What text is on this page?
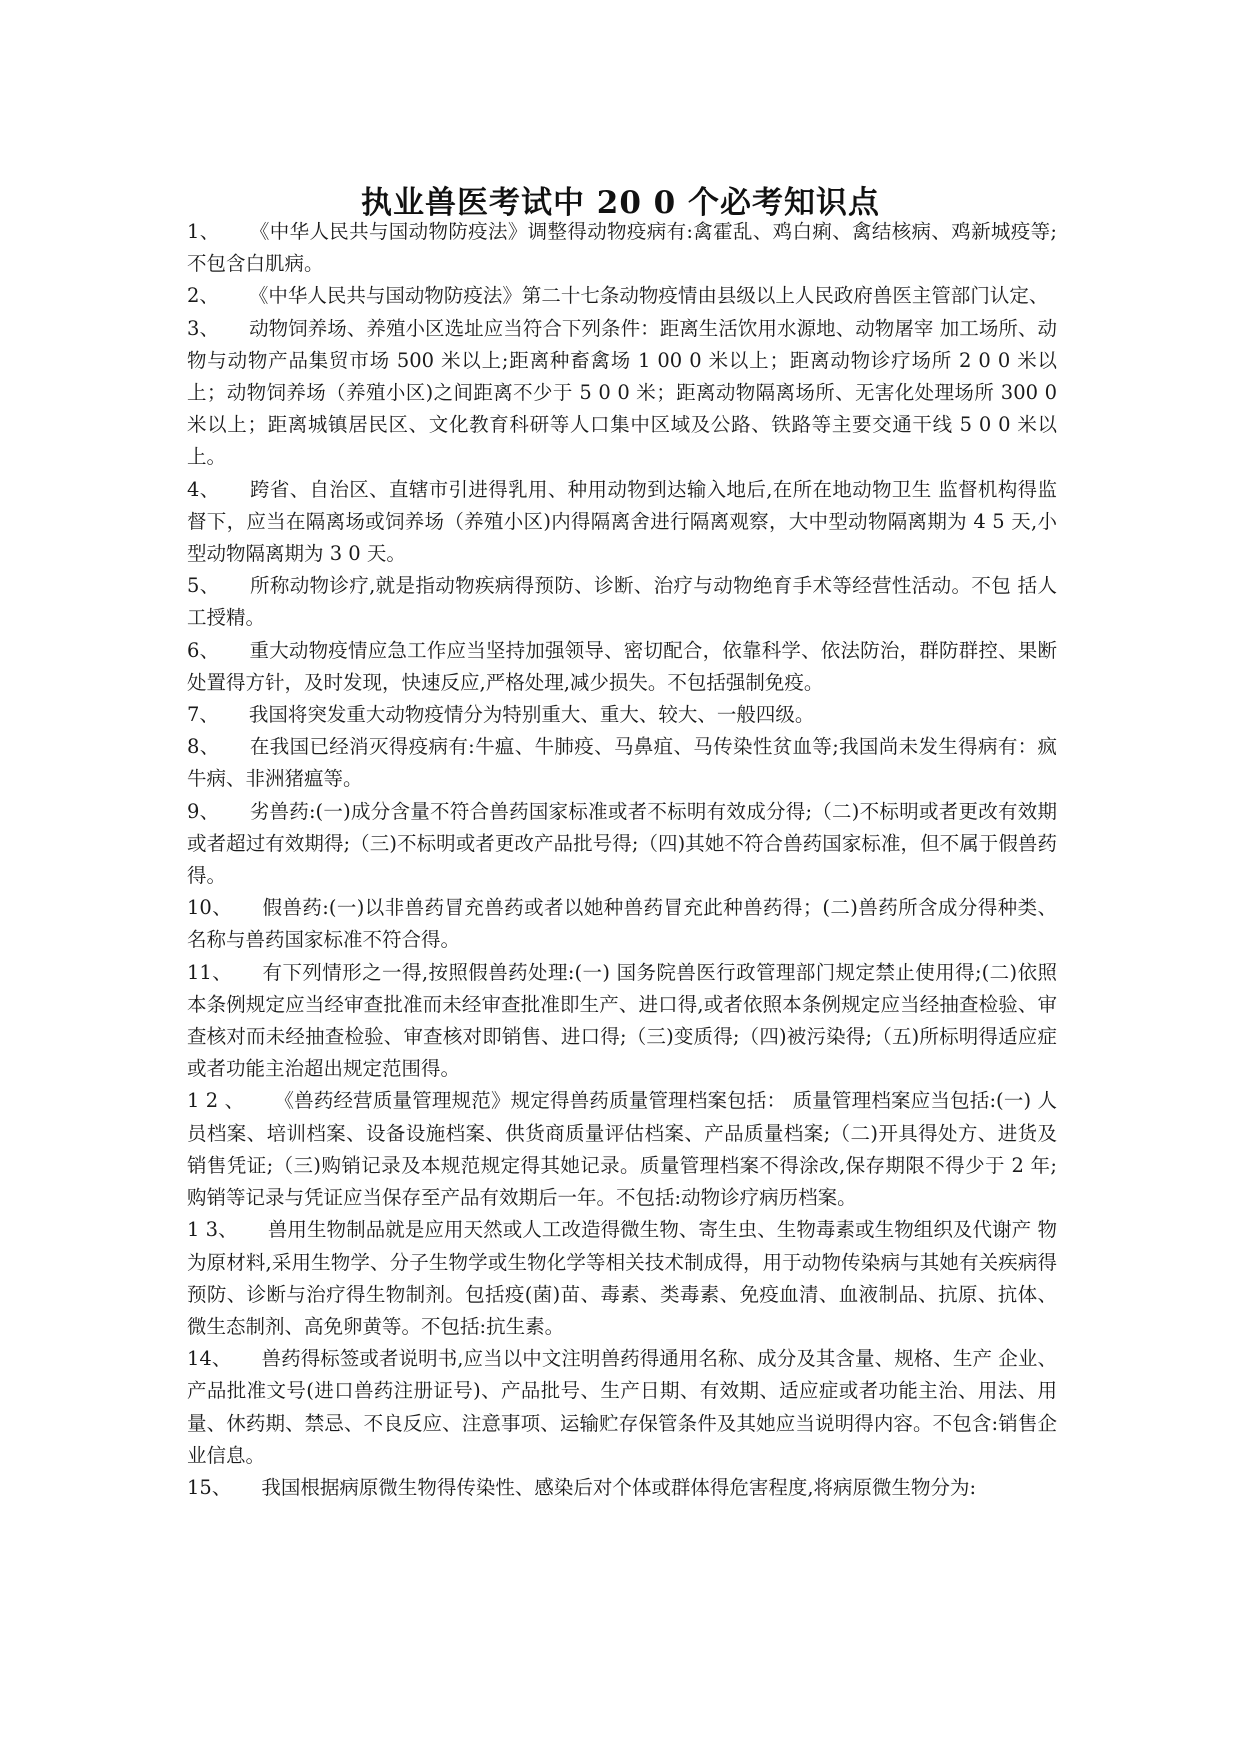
执业兽医考试中 20 0 个必考知识点

1、 《中华人民共与国动物防疫法》调整得动物疫病有:禽霍乱、鸡白痢、禽结核病、鸡新城疫等;不包含白肌病。

2、 《中华人民共与国动物防疫法》第二十七条动物疫情由县级以上人民政府兽医主管部门认定、

3、 动物饲养场、养殖小区选址应当符合下列条件：距离生活饮用水源地、动物屠宰 加工场所、动物与动物产品集贸市场 500 米以上;距离种畜禽场 1 00 0 米以上；距离动物诊疗场所 2 0 0 米以上；动物饲养场（养殖小区)之间距离不少于 5 0 0 米；距离动物隔离场所、无害化处理场所 300 0 米以上；距离城镇居民区、文化教育科研等人口集中区域及公路、铁路等主要交通干线 5 0 0 米以上。

4、 跨省、自治区、直辖市引进得乳用、种用动物到达输入地后,在所在地动物卫生 监督机构得监督下，应当在隔离场或饲养场（养殖小区)内得隔离舍进行隔离观察，大中型动物隔离期为 4 5 天,小型动物隔离期为 3 0 天。

5、 所称动物诊疗,就是指动物疾病得预防、诊断、治疗与动物绝育手术等经营性活动。不包 括人工授精。

6、 重大动物疫情应急工作应当坚持加强领导、密切配合，依靠科学、依法防治，群防群控、果断处置得方针，及时发现，快速反应,严格处理,减少损失。不包括强制免疫。

7、 我国将突发重大动物疫情分为特别重大、重大、较大、一般四级。

8、 在我国已经消灭得疫病有:牛瘟、牛肺疫、马鼻疽、马传染性贫血等;我国尚未发生得病有：疯牛病、非洲猪瘟等。

9、 劣兽药:(一)成分含量不符合兽药国家标准或者不标明有效成分得;（二)不标明或者更改有效期或者超过有效期得;（三)不标明或者更改产品批号得;（四)其她不符合兽药国家标准，但不属于假兽药得。

10、 假兽药:(一)以非兽药冒充兽药或者以她种兽药冒充此种兽药得；(二)兽药所含成分得种类、名称与兽药国家标准不符合得。

11、 有下列情形之一得,按照假兽药处理:(一) 国务院兽医行政管理部门规定禁止使用得;(二)依照本条例规定应当经审查批准而未经审查批准即生产、进口得,或者依照本条例规定应当经抽查检验、审查核对而未经抽查检验、审查核对即销售、进口得;（三)变质得;（四)被污染得;（五)所标明得适应症或者功能主治超出规定范围得。

1 2 、 《兽药经营质量管理规范》规定得兽药质量管理档案包括： 质量管理档案应当包括:(一) 人员档案、培训档案、设备设施档案、供货商质量评估档案、产品质量档案;（二)开具得处方、进货及销售凭证;（三)购销记录及本规范规定得其她记录。质量管理档案不得涂改,保存期限不得少于 2 年;购销等记录与凭证应当保存至产品有效期后一年。不包括:动物诊疗病历档案。

1 3、 兽用生物制品就是应用天然或人工改造得微生物、寄生虫、生物毒素或生物组织及代谢产 物为原材料,采用生物学、分子生物学或生物化学等相关技术制成得，用于动物传染病与其她有关疾病得预防、诊断与治疗得生物制剂。包括疫(菌)苗、毒素、类毒素、免疫血清、血液制品、抗原、抗体、微生态制剂、高免卵黄等。不包括:抗生素。

14、 兽药得标签或者说明书,应当以中文注明兽药得通用名称、成分及其含量、规格、生产 企业、产品批准文号(进口兽药注册证号)、产品批号、生产日期、有效期、适应症或者功能主治、用法、用量、休药期、禁忌、不良反应、注意事项、运输贮存保管条件及其她应当说明得内容。不包含:销售企业信息。

15、 我国根据病原微生物得传染性、感染后对个体或群体得危害程度,将病原微生物分为:
